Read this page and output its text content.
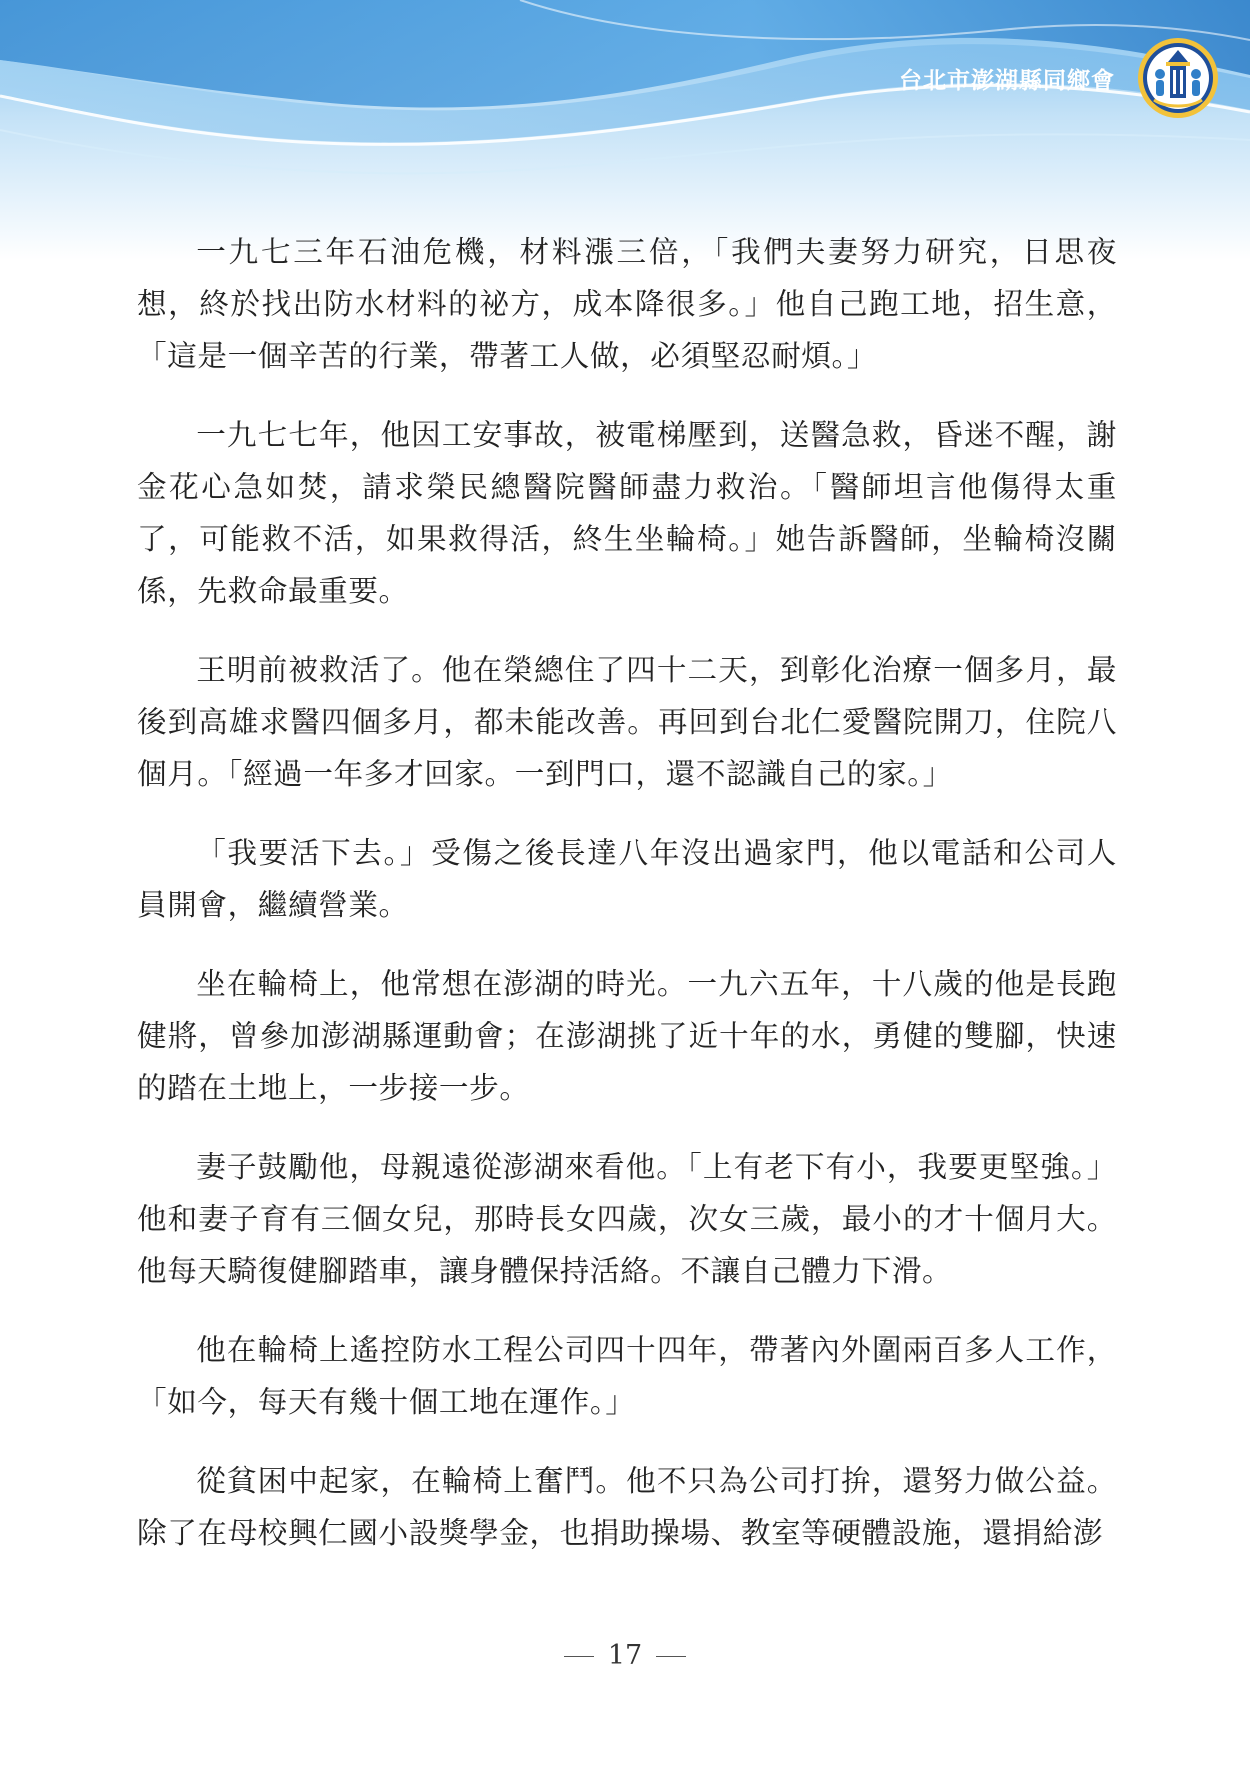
台北市澎湖縣同鄉會

一九七三年石油危機，材料漲三倍，「我們夫妻努力研究，日思夜想，終於找出防水材料的祕方，成本降很多。」他自己跑工地，招生意，「這是一個辛苦的行業，帶著工人做，必須堅忍耐煩。」

一九七七年，他因工安事故，被電梯壓到，送醫急救，昏迷不醒，謝金花心急如焚，請求榮民總醫院醫師盡力救治。「醫師坦言他傷得太重了，可能救不活，如果救得活，終生坐輪椅。」她告訴醫師，坐輪椅沒關係，先救命最重要。

王明前被救活了。他在榮總住了四十二天，到彰化治療一個多月，最後到高雄求醫四個多月，都未能改善。再回到台北仁愛醫院開刀，住院八個月。「經過一年多才回家。一到門口，還不認識自己的家。」

「我要活下去。」受傷之後長達八年沒出過家門，他以電話和公司人員開會，繼續營業。

坐在輪椅上，他常想在澎湖的時光。一九六五年，十八歲的他是長跑健將，曾參加澎湖縣運動會；在澎湖挑了近十年的水，勇健的雙腳，快速的踏在土地上，一步接一步。

妻子鼓勵他，母親遠從澎湖來看他。「上有老下有小，我要更堅強。」他和妻子育有三個女兒，那時長女四歲，次女三歲，最小的才十個月大。他每天騎復健腳踏車，讓身體保持活絡。不讓自己體力下滑。

他在輪椅上遙控防水工程公司四十四年，帶著內外圍兩百多人工作，「如今，每天有幾十個工地在運作。」

從貧困中起家，在輪椅上奮鬥。他不只為公司打拚，還努力做公益。除了在母校興仁國小設獎學金，也捐助操場、教室等硬體設施，還捐給澎

17
